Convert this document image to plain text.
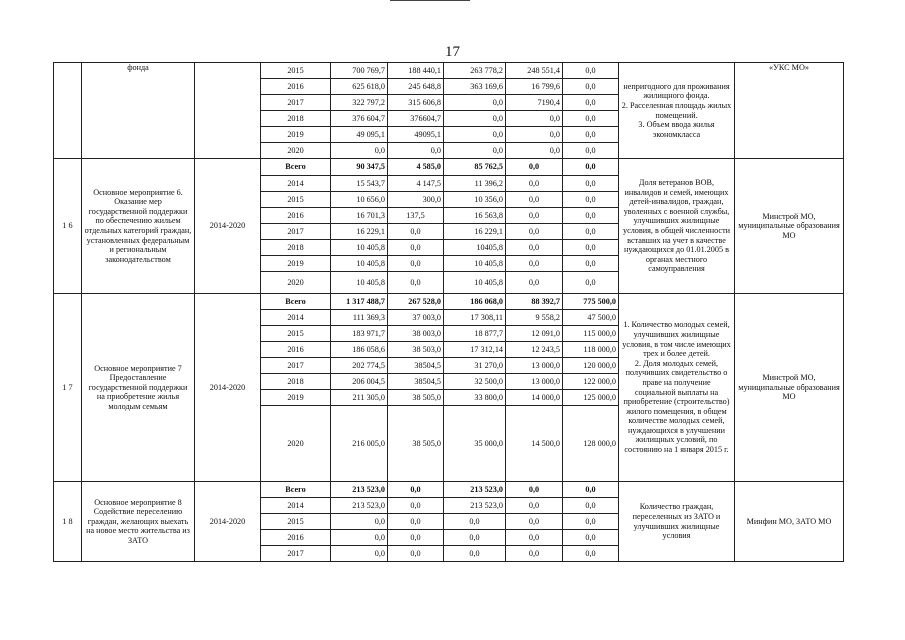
17
	фонда		2015	700 769,7	188 440,1	263 778,2	248 551,4	0,0	непригодного для проживания жилищного фонда.
2. Расселенная площадь жилых помещений.
3. Объем ввода жилья экономкласса	«УКС МО»
			2016	625 618,0	245 648,8	363 169,6	16 799,6	0,0		
			2017	322 797,2	315 606,8	0,0	7190,4	0,0		
			2018	376 604,7	376604,7	0,0	0,0	0,0		
			2019	49 095,1	49095,1	0,0	0,0	0,0		
			2020	0,0	0,0	0,0	0,0	0,0		
1 6	Основное мероприятие 6. Оказание мер государственной поддержки по обеспечению жильем отдельных категорий граждан, установленных федеральным и региональным законодательством	2014-2020	Всего	90 347,5	4 585,0	85 762,5	0,0	0,0	Доля ветеранов ВОВ, инвалидов и семей, имеющих детей-инвалидов, граждан, уволенных с военной службы, улучшивших жилищные условия, в общей численности вставших на учет в качестве нуждающихся до 01.01.2005 в органах местного самоуправления	Минстрой МО, муниципальные образования МО
			2014	15 543,7	4 147,5	11 396,2	0,0	0,0		
			2015	10 656,0	300,0	10 356,0	0,0	0,0		
			2016	16 701,3	137,5	16 563,8	0,0	0,0		
			2017	16 229,1	0,0	16 229,1	0,0	0,0		
			2018	10 405,8	0,0	10405,8	0,0	0,0		
			2019	10 405,8	0,0	10 405,8	0,0	0,0		
			2020	10 405,8	0,0	10 405,8	0,0	0,0		
1 7	Основное мероприятие 7 Предоставление государственной поддержки на приобретение жилья молодым семьям	2014-2020	Всего	1 317 488,7	267 528,0	186 068,0	88 392,7	775 500,0	1. Количество молодых семей, улучшивших жилищные условия, в том числе имеющих трех и более детей.
2. Доля молодых семей, получивших свидетельство о праве на получение социальной выплаты на приобретение (строительство) жилого помещения, в общем количестве молодых семей, нуждающихся в улучшении жилищных условий, по состоянию на 1 января 2015 г.	Минстрой МО, муниципальные образования МО
			2014	111 369,3	37 003,0	17 308,11	9 558,2	47 500,0		
			2015	183 971,7	38 003,0	18 877,7	12 091,0	115 000,0		
			2016	186 058,6	38 503,0	17 312,14	12 243,5	118 000,0		
			2017	202 774,5	38504,5	31 270,0	13 000,0	120 000,0		
			2018	206 004,5	38504,5	32 500,0	13 000,0	122 000,0		
			2019	211 305,0	38 505,0	33 800,0	14 000,0	125 000,0		
			2020	216 005,0	38 505,0	35 000,0	14 500,0	128 000,0		
1 8	Основное мероприятие 8 Содействие переселению граждан, желающих выехать на новое место жительства из ЗАТО	2014-2020	Всего	213 523,0	0,0	213 523,0	0,0	0,0	Количество граждан, переселенных из ЗАТО и улучшивших жилищные условия	Минфин МО, ЗАТО МО
			2014	213 523,0	0,0	213 523,0	0,0	0,0		
			2015	0,0	0,0	0,0	0,0	0,0		
			2016	0,0	0,0	0,0	0,0	0,0		
			2017	0,0	0,0	0,0	0,0	0,0		
